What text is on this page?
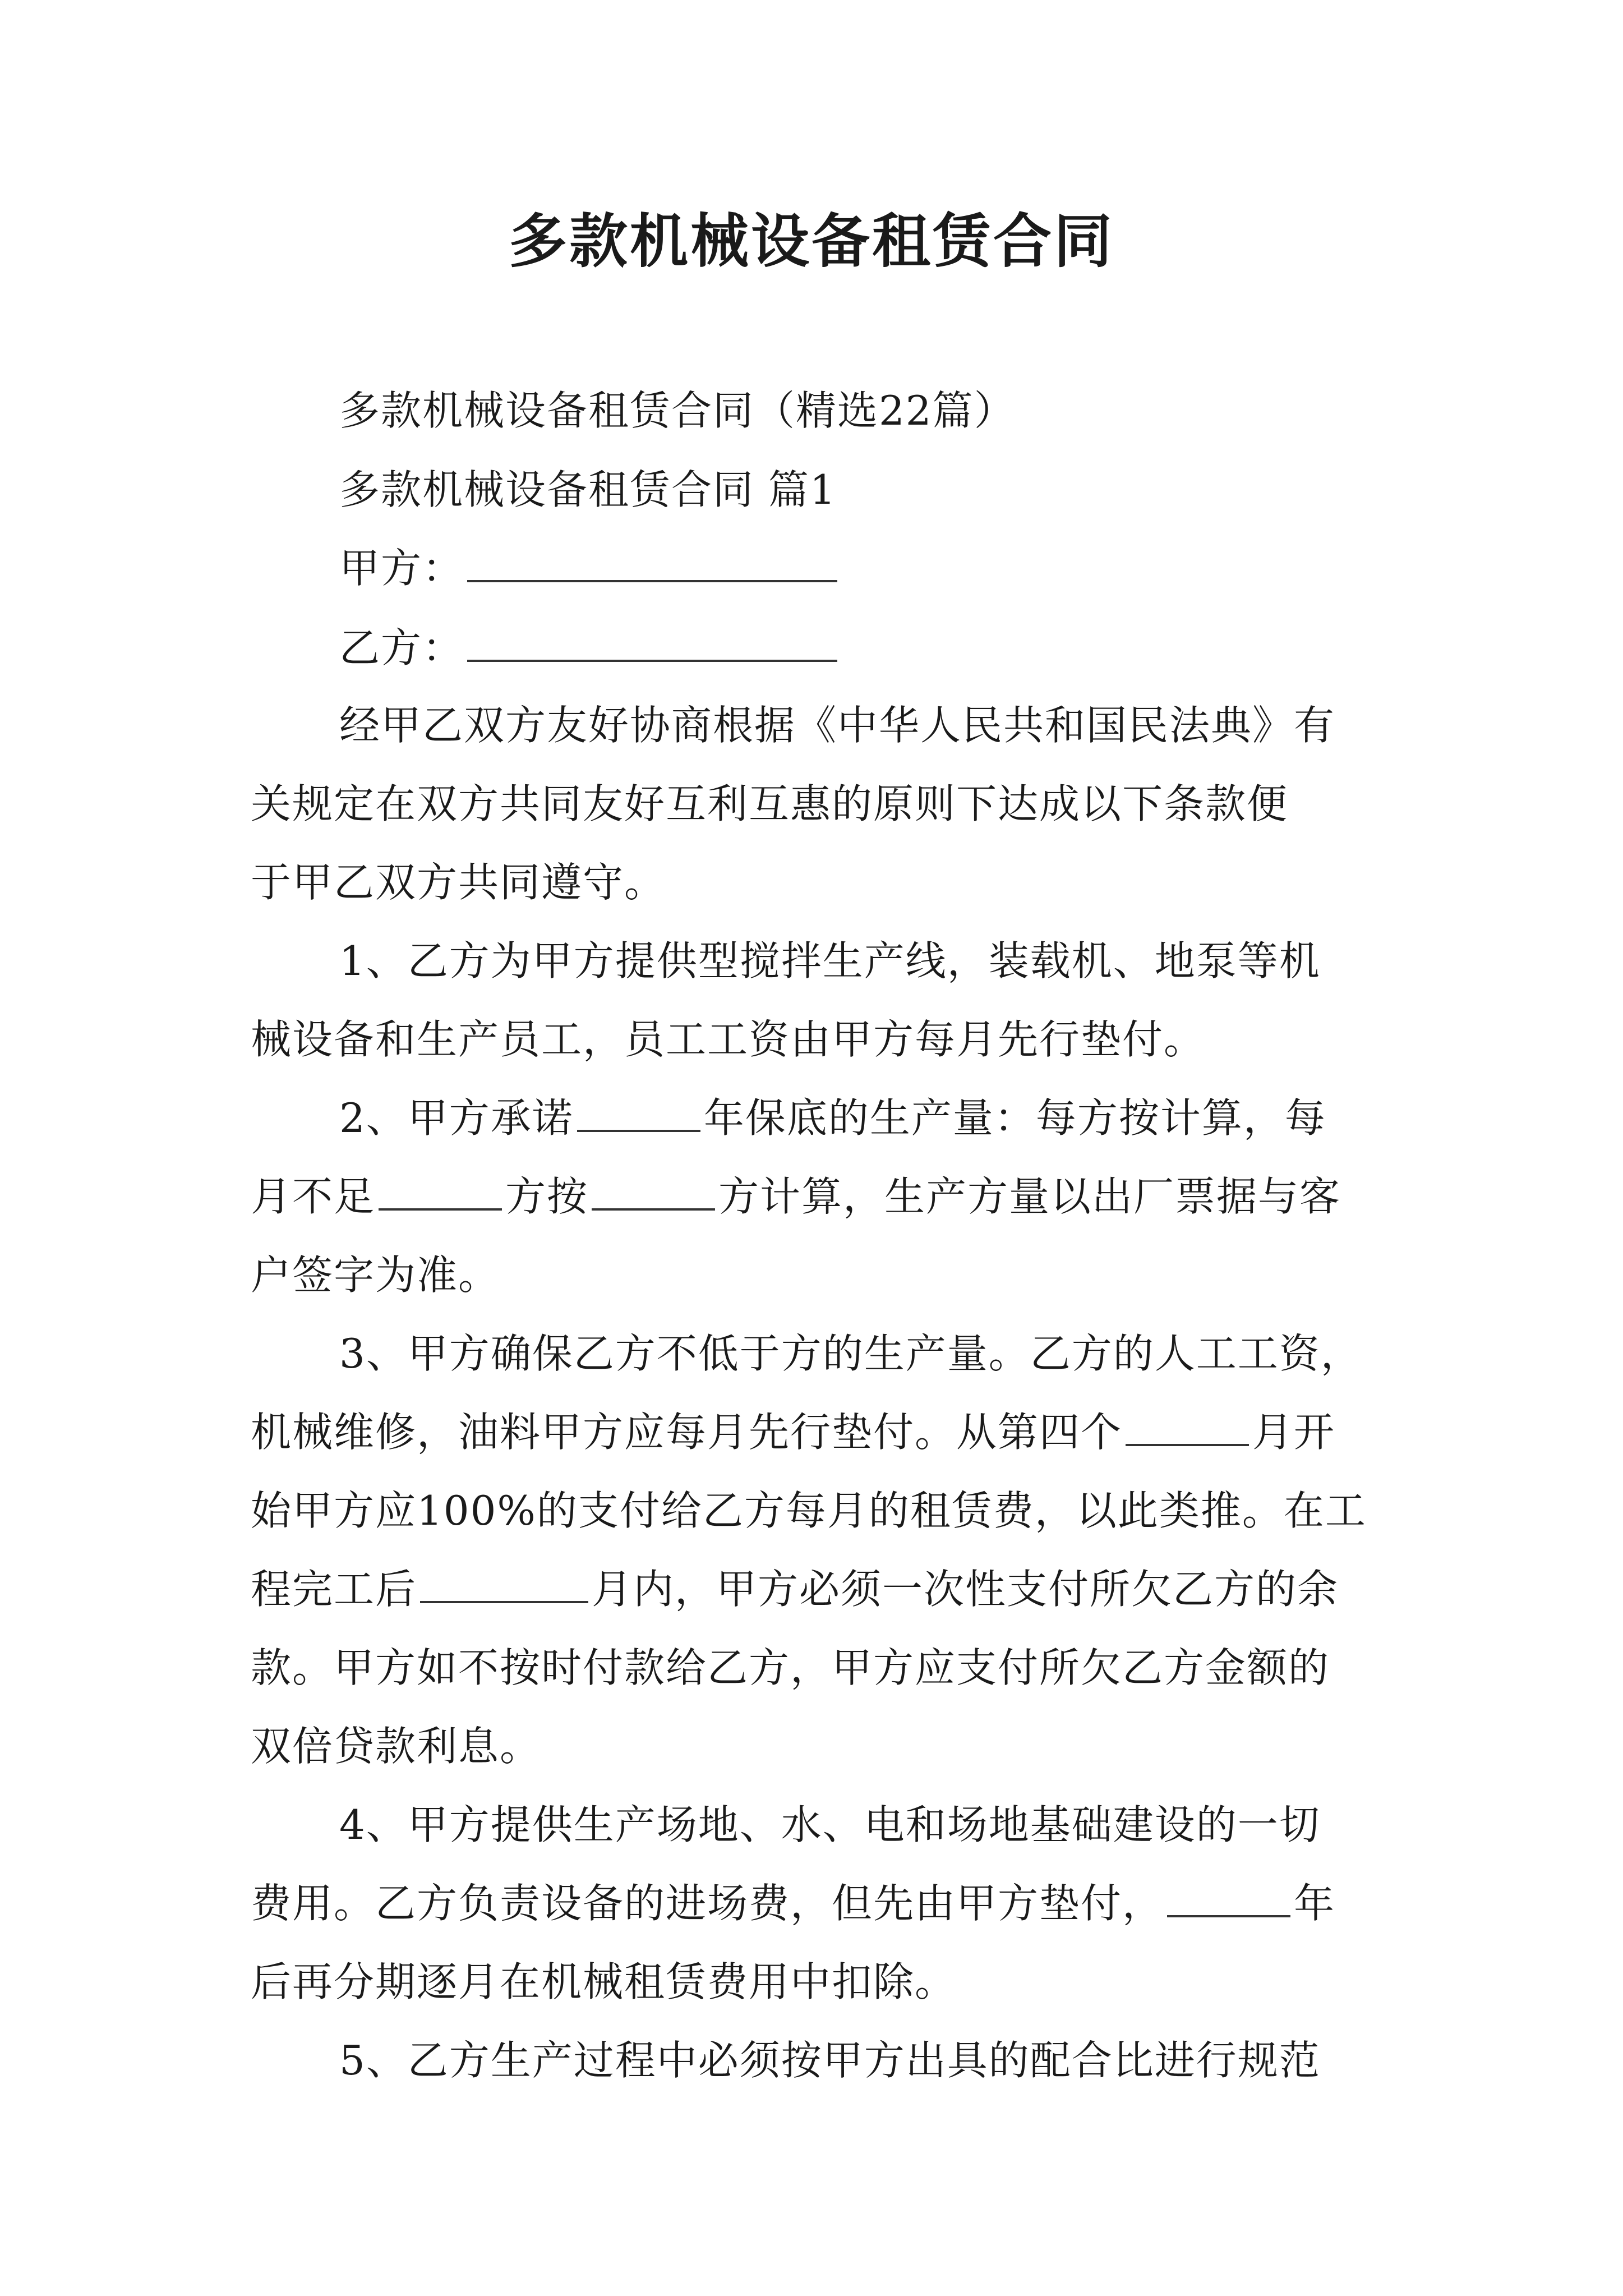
多款机械设备租赁合同
多款机械设备租赁合同（精选22篇）
多款机械设备租赁合同 篇1
甲方：
乙方：
经甲乙双方友好协商根据《中华人民共和国民法典》有
关规定在双方共同友好互利互惠的原则下达成以下条款便
于甲乙双方共同遵守。
1、乙方为甲方提供型搅拌生产线，装载机、地泵等机
械设备和生产员工，员工工资由甲方每月先行垫付。
2、甲方承诺	年保底的生产量：每方按计算，每
月不足	方按	方计算，生产方量以出厂票据与客
户签字为准。
3、甲方确保乙方不低于方的生产量。乙方的人工工资，
机械维修，油料甲方应每月先行垫付。从第四个	月开
始甲方应100%的支付给乙方每月的租赁费，以此类推。在工
程完工后	月内，甲方必须一次性支付所欠乙方的余
款。甲方如不按时付款给乙方，甲方应支付所欠乙方金额的
双倍贷款利息。
4、甲方提供生产场地、水、电和场地基础建设的一切
费用。乙方负责设备的进场费，但先由甲方垫付，	年
后再分期逐月在机械租赁费用中扣除。
5、乙方生产过程中必须按甲方出具的配合比进行规范
